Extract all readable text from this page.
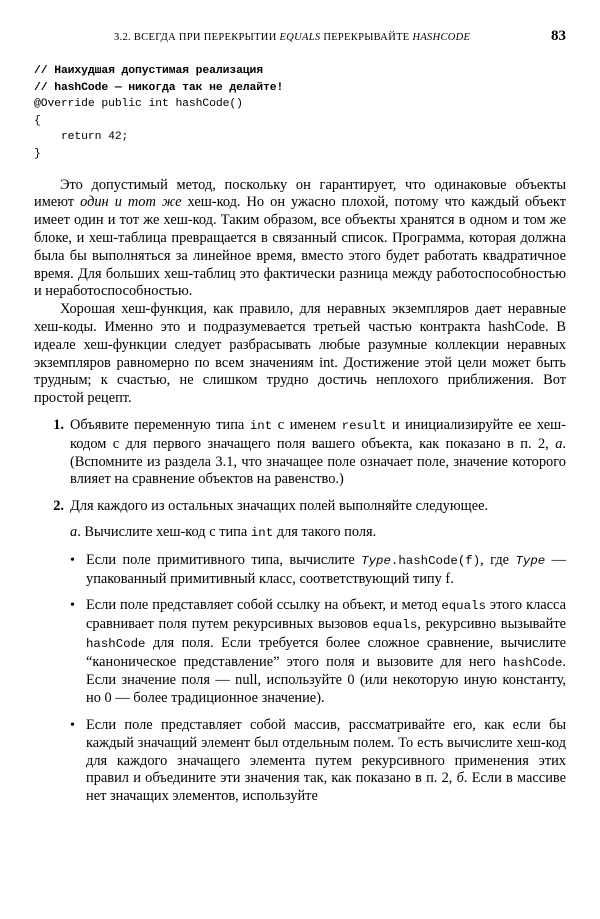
3.2. ВСЕГДА ПРИ ПЕРЕКРЫТИИ EQUALS ПЕРЕКРЫВАЙТЕ HASHCODE	83
// Наихудшая допустимая реализация
// hashCode — никогда так не делайте!
@Override public int hashCode()
{
return 42;
}

Это допустимый метод, поскольку он гарантирует, что одинаковые объекты имеют один и тот же хеш-код. Но он ужасно плохой, потому что каждый объект имеет один и тот же хеш-код. Таким образом, все объекты хранятся в одном и том же блоке, и хеш-таблица превращается в связанный список. Программа, которая должна была бы выполняться за линейное время, вместо этого будет работать квадратичное время. Для больших хеш-таблиц это фактически разница между работоспособностью и неработоспособностью.

Хорошая хеш-функция, как правило, для неравных экземпляров дает неравные хеш-коды. Именно это и подразумевается третьей частью контракта hashCode. В идеале хеш-функции следует разбрасывать любые разумные коллекции неравных экземпляров равномерно по всем значениям int. Достижение этой цели может быть трудным; к счастью, не слишком трудно достичь неплохого приближения. Вот простой рецепт.

1. Объявите переменную типа int с именем result и инициализируйте ее хеш-кодом c для первого значащего поля вашего объекта, как показано в п. 2, а. (Вспомните из раздела 3.1, что значащее поле означает поле, значение которого влияет на сравнение объектов на равенство.)
2. Для каждого из остальных значащих полей выполняйте следующее.
а. Вычислите хеш-код c типа int для такого поля.
• Если поле примитивного типа, вычислите Type.hashCode(f), где Type — упакованный примитивный класс, соответствующий типу f.
• Если поле представляет собой ссылку на объект, и метод equals этого класса сравнивает поля путем рекурсивных вызовов equals, рекурсивно вызывайте hashCode для поля. Если требуется более сложное сравнение, вычислите “каноническое представление” этого поля и вызовите для него hashCode. Если значение поля — null, используйте 0 (или некоторую иную константу, но 0 — более традиционное значение).
• Если поле представляет собой массив, рассматривайте его, как если бы каждый значащий элемент был отдельным полем. То есть вычислите хеш-код для каждого значащего элемента путем рекурсивного применения этих правил и объедините эти значения так, как показано в п. 2, б. Если в массиве нет значащих элементов, используйте
